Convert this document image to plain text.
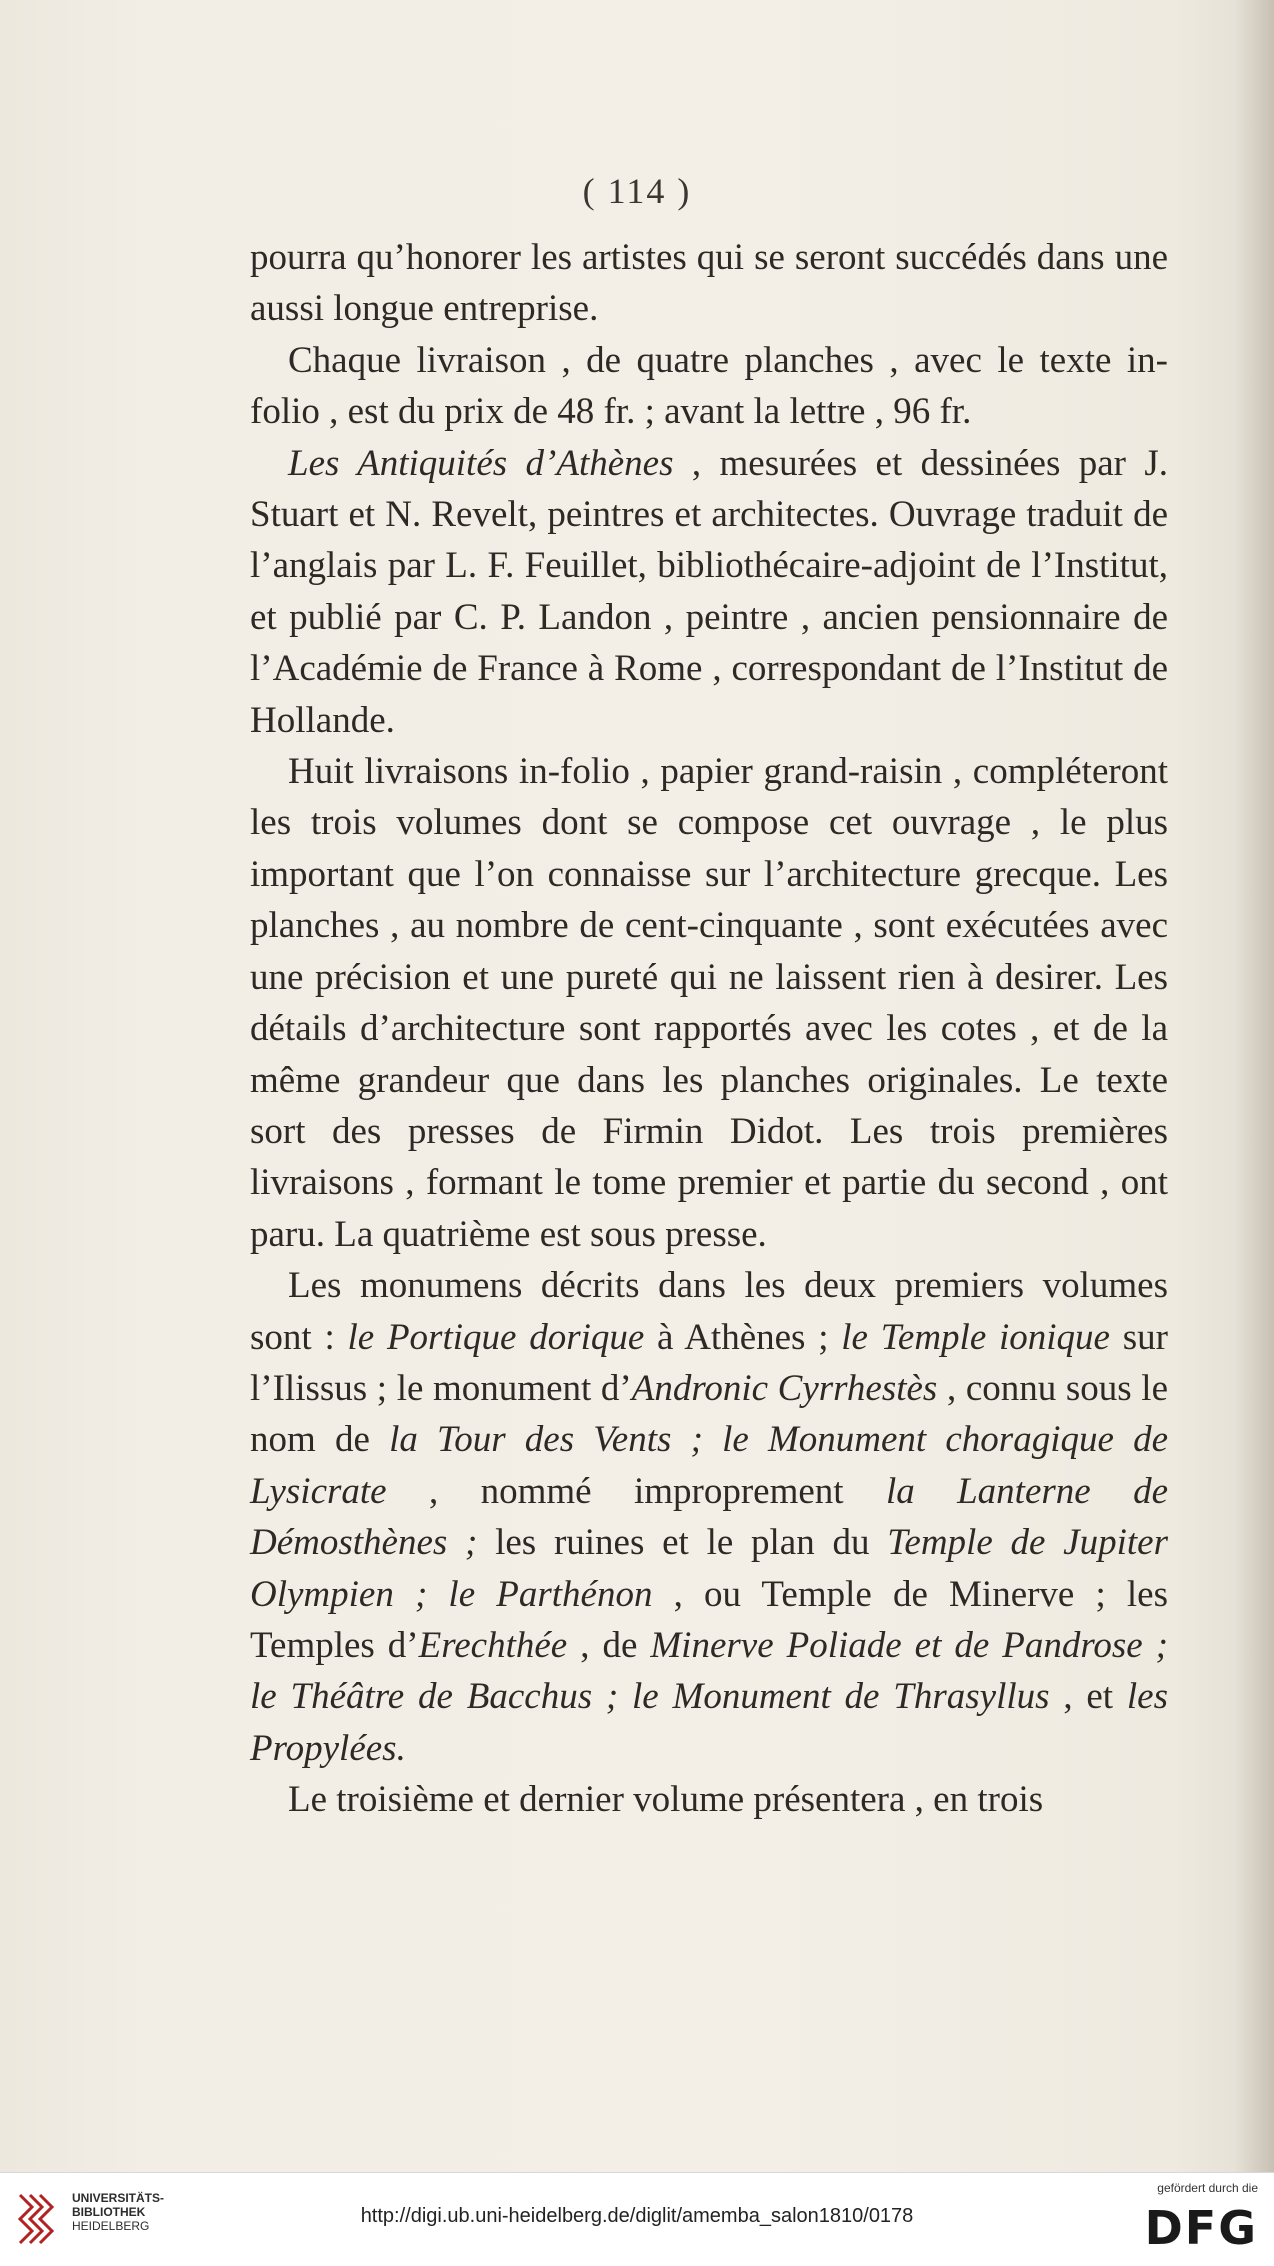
( 114 )

pourra qu’honorer les artistes qui se seront succédés dans une aussi longue entreprise.

Chaque livraison , de quatre planches , avec le texte in-folio , est du prix de 48 fr. ; avant la lettre , 96 fr.

Les Antiquités d’Athènes , mesurées et dessinées par J. Stuart et N. Revelt, peintres et architectes. Ouvrage traduit de l’anglais par L. F. Feuillet, bibliothécaire-adjoint de l’Institut, et publié par C. P. Landon , peintre , ancien pensionnaire de l’Académie de France à Rome , correspondant de l’Institut de Hollande.

Huit livraisons in-folio , papier grand-raisin , compléteront les trois volumes dont se compose cet ouvrage , le plus important que l’on connaisse sur l’architecture grecque. Les planches , au nombre de cent-cinquante , sont exécutées avec une précision et une pureté qui ne laissent rien à desirer. Les détails d’architecture sont rapportés avec les cotes , et de la même grandeur que dans les planches originales. Le texte sort des presses de Firmin Didot. Les trois premières livraisons , formant le tome premier et partie du second , ont paru. La quatrième est sous presse.

Les monumens décrits dans les deux premiers volumes sont : le Portique dorique à Athènes ; le Temple ionique sur l’Ilissus ; le monument d’Andronic Cyrrhestès , connu sous le nom de la Tour des Vents ; le Monument choragique de Lysicrate , nommé improprement la Lanterne de Démosthènes ; les ruines et le plan du Temple de Jupiter Olympien ; le Parthénon , ou Temple de Minerve ; les Temples d’Erechthée , de Minerve Poliade et de Pandrose ; le Théâtre de Bacchus ; le Monument de Thrasyllus , et les Propylées.

Le troisième et dernier volume présentera , en trois

UNIVERSITÄTS-
BIBLIOTHEK
HEIDELBERG	http://digi.ub.uni-heidelberg.de/diglit/amemba_salon1810/0178
gefördert durch die
DFG
